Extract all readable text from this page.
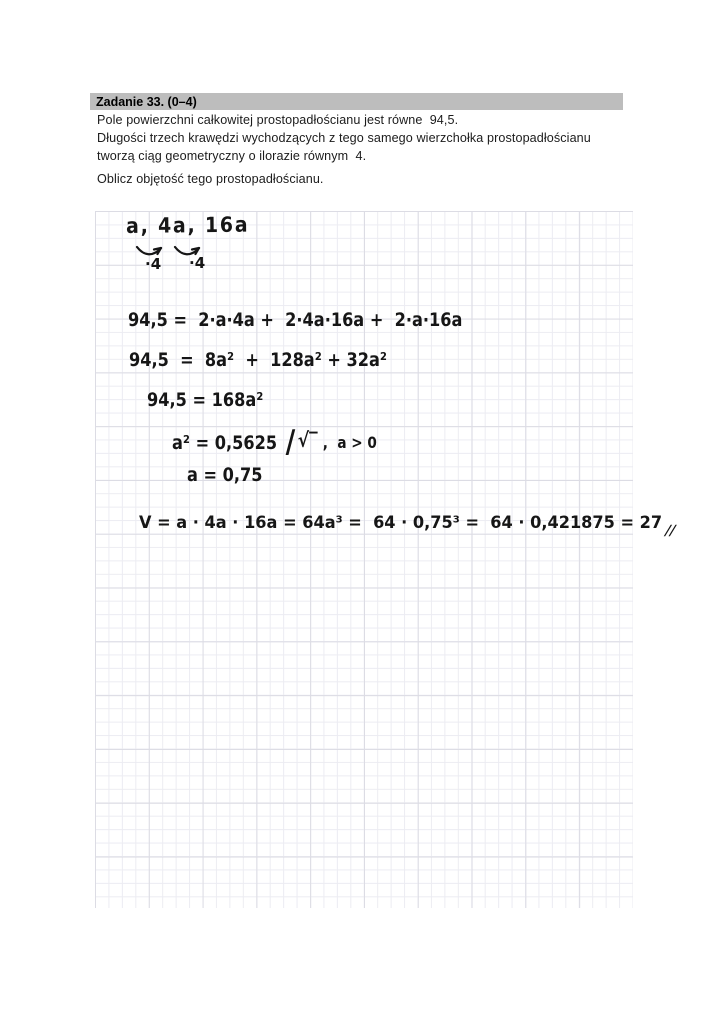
Zadanie 33. (0–4)
Pole powierzchni całkowitej prostopadłościanu jest równe  94,5.
Długości trzech krawędzi wychodzących z tego samego wierzchołka prostopadłościanu
tworzą ciąg geometryczny o ilorazie równym  4.
Oblicz objętość tego prostopadłościanu.
a, 4a, 16a
·4 ·4
94,5 =  2·a·4a +  2·4a·16a +  2·a·16a
94,5  =  8a²  +  128a² + 32a²
94,5 = 168a²
a² = 0,5625 / √‾ ,  a > 0
a = 0,75
V = a · 4a · 16a = 64a³ =  64 · 0,75³ =  64 · 0,421875 = 27 //
